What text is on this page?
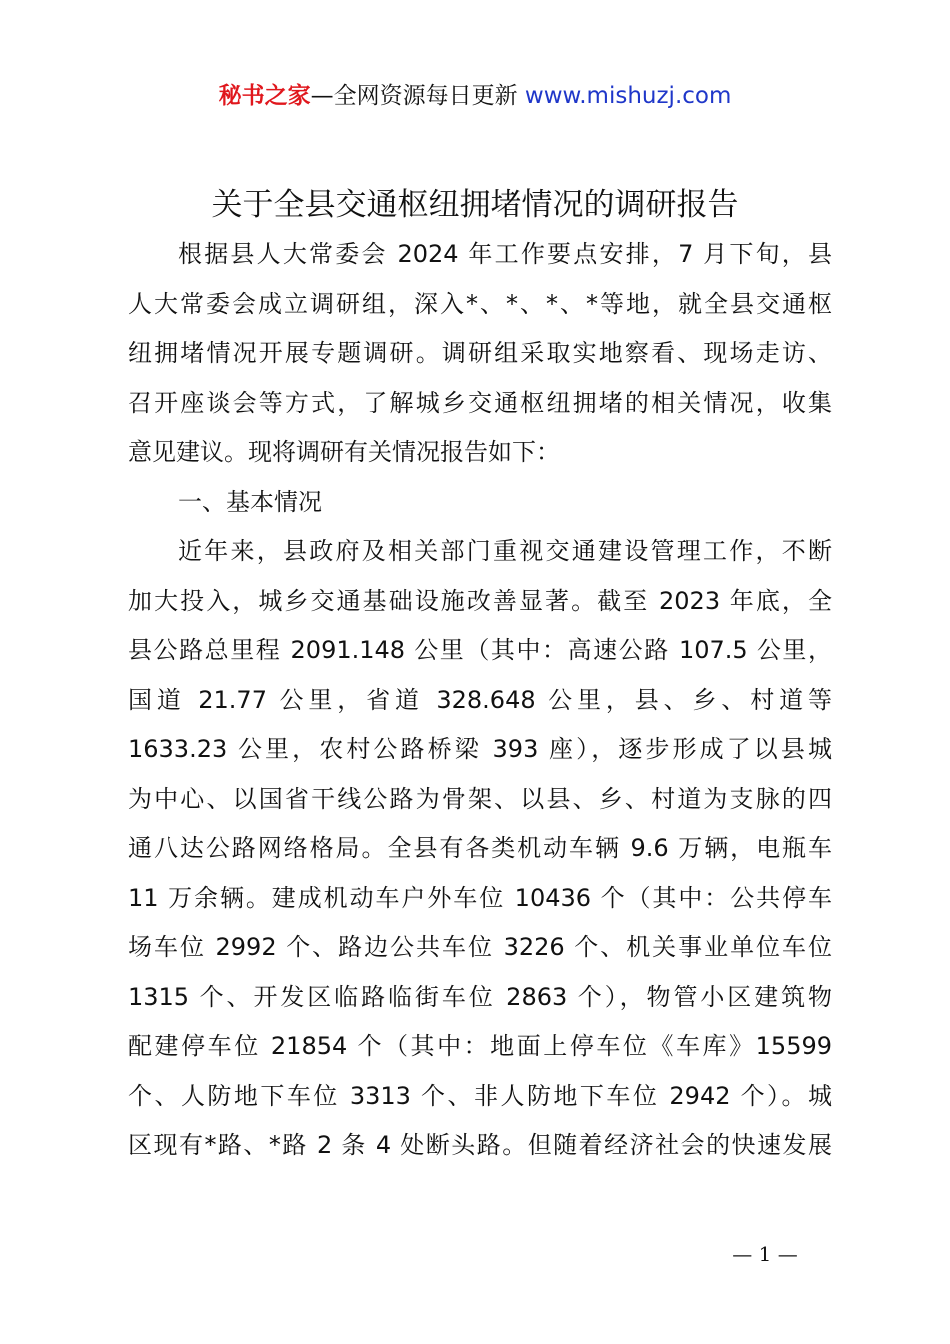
秘书之家—全网资源每日更新 www.mishuzj.com
关于全县交通枢纽拥堵情况的调研报告
根据县人大常委会 2024 年工作要点安排，7 月下旬，县
人大常委会成立调研组，深入*、*、*、*等地，就全县交通枢
纽拥堵情况开展专题调研。调研组采取实地察看、现场走访、
召开座谈会等方式，了解城乡交通枢纽拥堵的相关情况，收集
意见建议。现将调研有关情况报告如下：
一、基本情况
近年来，县政府及相关部门重视交通建设管理工作，不断
加大投入，城乡交通基础设施改善显著。截至 2023 年底，全
县公路总里程 2091.148 公里（其中：高速公路 107.5 公里，
国道 21.77 公里，省道 328.648 公里，县、乡、村道等
1633.23 公里，农村公路桥梁 393 座），逐步形成了以县城
为中心、以国省干线公路为骨架、以县、乡、村道为支脉的四
通八达公路网络格局。全县有各类机动车辆 9.6 万辆，电瓶车
11 万余辆。建成机动车户外车位 10436 个（其中：公共停车
场车位 2992 个、路边公共车位 3226 个、机关事业单位车位
1315 个、开发区临路临街车位 2863 个），物管小区建筑物
配建停车位 21854 个（其中：地面上停车位《车库》15599
个、人防地下车位 3313 个、非人防地下车位 2942 个）。城
区现有*路、*路 2 条 4 处断头路。但随着经济社会的快速发展
— 1 —
